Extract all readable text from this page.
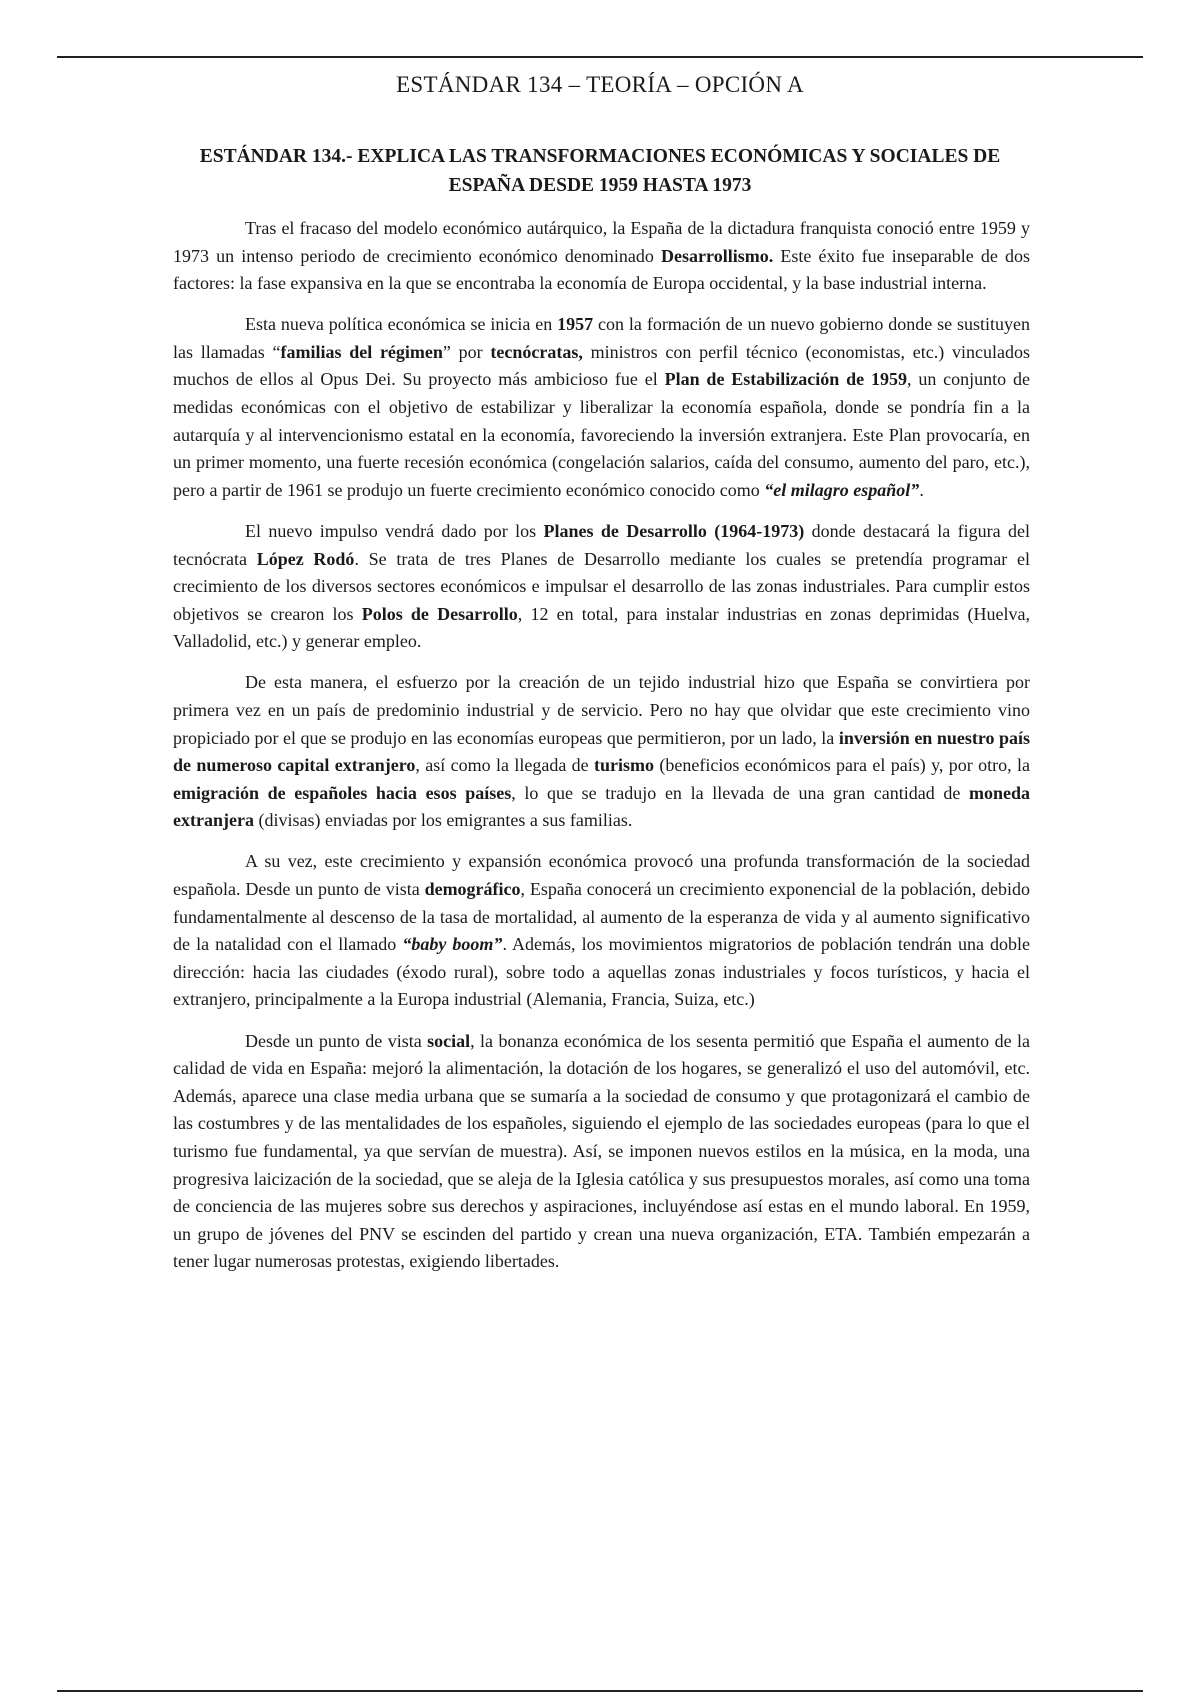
ESTÁNDAR 134 – TEORÍA – OPCIÓN A
ESTÁNDAR 134.- EXPLICA LAS TRANSFORMACIONES ECONÓMICAS Y SOCIALES DE ESPAÑA DESDE 1959 HASTA 1973

Tras el fracaso del modelo económico autárquico, la España de la dictadura franquista conoció entre 1959 y 1973 un intenso periodo de crecimiento económico denominado Desarrollismo. Este éxito fue inseparable de dos factores: la fase expansiva en la que se encontraba la economía de Europa occidental, y la base industrial interna.

Esta nueva política económica se inicia en 1957 con la formación de un nuevo gobierno donde se sustituyen las llamadas “familias del régimen” por tecnócratas, ministros con perfil técnico (economistas, etc.) vinculados muchos de ellos al Opus Dei. Su proyecto más ambicioso fue el Plan de Estabilización de 1959, un conjunto de medidas económicas con el objetivo de estabilizar y liberalizar la economía española, donde se pondría fin a la autarquía y al intervencionismo estatal en la economía, favoreciendo la inversión extranjera. Este Plan provocaría, en un primer momento, una fuerte recesión económica (congelación salarios, caída del consumo, aumento del paro, etc.), pero a partir de 1961 se produjo un fuerte crecimiento económico conocido como “el milagro español”.

El nuevo impulso vendrá dado por los Planes de Desarrollo (1964-1973) donde destacará la figura del tecnócrata López Rodó. Se trata de tres Planes de Desarrollo mediante los cuales se pretendía programar el crecimiento de los diversos sectores económicos e impulsar el desarrollo de las zonas industriales. Para cumplir estos objetivos se crearon los Polos de Desarrollo, 12 en total, para instalar industrias en zonas deprimidas (Huelva, Valladolid, etc.) y generar empleo.

De esta manera, el esfuerzo por la creación de un tejido industrial hizo que España se convirtiera por primera vez en un país de predominio industrial y de servicio. Pero no hay que olvidar que este crecimiento vino propiciado por el que se produjo en las economías europeas que permitieron, por un lado, la inversión en nuestro país de numeroso capital extranjero, así como la llegada de turismo (beneficios económicos para el país) y, por otro, la emigración de españoles hacia esos países, lo que se tradujo en la llevada de una gran cantidad de moneda extranjera (divisas) enviadas por los emigrantes a sus familias.

A su vez, este crecimiento y expansión económica provocó una profunda transformación de la sociedad española. Desde un punto de vista demográfico, España conocerá un crecimiento exponencial de la población, debido fundamentalmente al descenso de la tasa de mortalidad, al aumento de la esperanza de vida y al aumento significativo de la natalidad con el llamado “baby boom”. Además, los movimientos migratorios de población tendrán una doble dirección: hacia las ciudades (éxodo rural), sobre todo a aquellas zonas industriales y focos turísticos, y hacia el extranjero, principalmente a la Europa industrial (Alemania, Francia, Suiza, etc.)

Desde un punto de vista social, la bonanza económica de los sesenta permitió que España el aumento de la calidad de vida en España: mejoró la alimentación, la dotación de los hogares, se generalizó el uso del automóvil, etc. Además, aparece una clase media urbana que se sumaría a la sociedad de consumo y que protagonizará el cambio de las costumbres y de las mentalidades de los españoles, siguiendo el ejemplo de las sociedades europeas (para lo que el turismo fue fundamental, ya que servían de muestra). Así, se imponen nuevos estilos en la música, en la moda, una progresiva laicización de la sociedad, que se aleja de la Iglesia católica y sus presupuestos morales, así como una toma de conciencia de las mujeres sobre sus derechos y aspiraciones, incluyéndose así estas en el mundo laboral. En 1959, un grupo de jóvenes del PNV se escinden del partido y crean una nueva organización, ETA. También empezarán a tener lugar numerosas protestas, exigiendo libertades.
